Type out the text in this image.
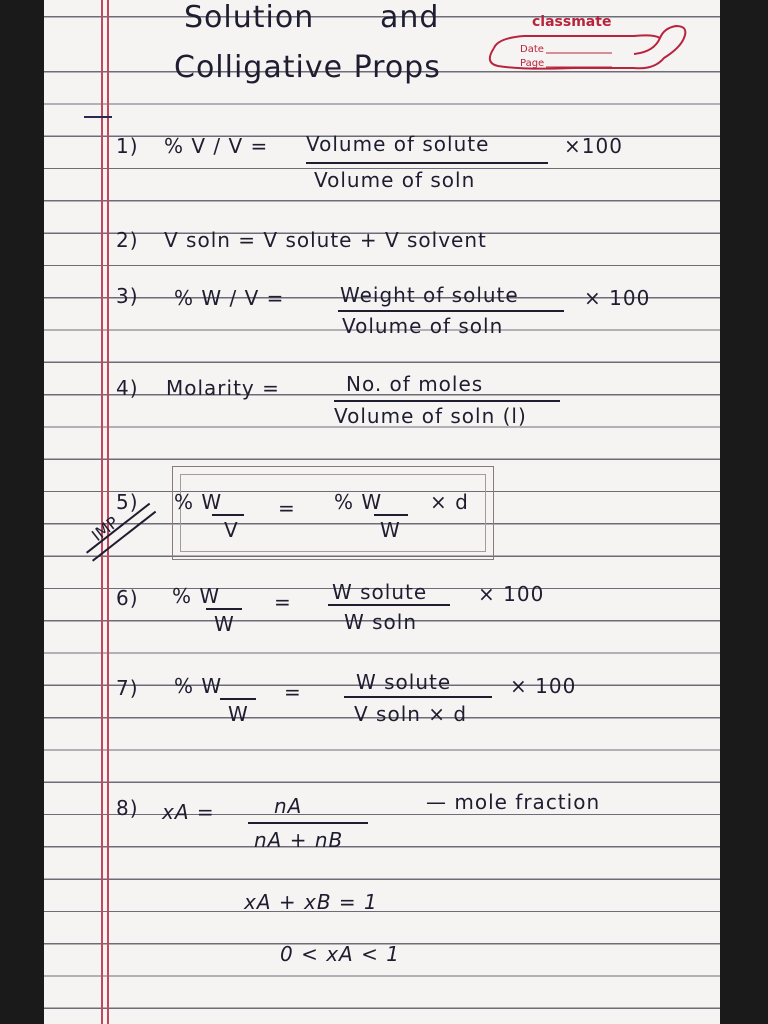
Solution and
Colligative Props
classmate
Date
Page
1) % V / V = Volume of solute	×100
Volume of soln
2) V soln = V solute + V solvent
3) % W / V =	Weight of solute	× 100
Volume of soln
4) Molarity =	No. of moles
Volume of soln (l)
5) % W
V
= % W
W
× d
IMP
6) % W
W
= W solute	× 100
W soln
7) % W
W
=	W solute	× 100
V soln × d
8) xA =	nA
nA + nB
— mole fraction
xA + xB = 1
0 < xA < 1
